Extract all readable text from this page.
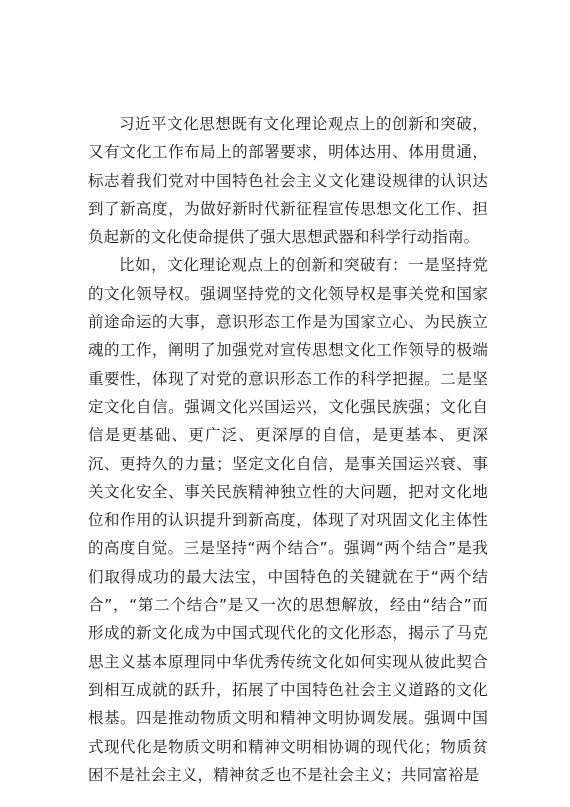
习近平文化思想既有文化理论观点上的创新和突破，又有文化工作布局上的部署要求，明体达用、体用贯通，标志着我们党对中国特色社会主义文化建设规律的认识达到了新高度，为做好新时代新征程宣传思想文化工作、担负起新的文化使命提供了强大思想武器和科学行动指南。

比如，文化理论观点上的创新和突破有：一是坚持党的文化领导权。强调坚持党的文化领导权是事关党和国家前途命运的大事，意识形态工作是为国家立心、为民族立魂的工作，阐明了加强党对宣传思想文化工作领导的极端重要性，体现了对党的意识形态工作的科学把握。二是坚定文化自信。强调文化兴国运兴，文化强民族强；文化自信是更基础、更广泛、更深厚的自信，是更基本、更深沉、更持久的力量；坚定文化自信，是事关国运兴衰、事关文化安全、事关民族精神独立性的大问题，把对文化地位和作用的认识提升到新高度，体现了对巩固文化主体性的高度自觉。三是坚持“两个结合”。强调“两个结合”是我们取得成功的最大法宝，中国特色的关键就在于“两个结合”，“第二个结合”是又一次的思想解放，经由“结合”而形成的新文化成为中国式现代化的文化形态，揭示了马克思主义基本原理同中华优秀传统文化如何实现从彼此契合到相互成就的跃升，拓展了中国特色社会主义道路的文化根基。四是推动物质文明和精神文明协调发展。强调中国式现代化是物质文明和精神文明相协调的现代化；物质贫困不是社会主义，精神贫乏也不是社会主义；共同富裕是
